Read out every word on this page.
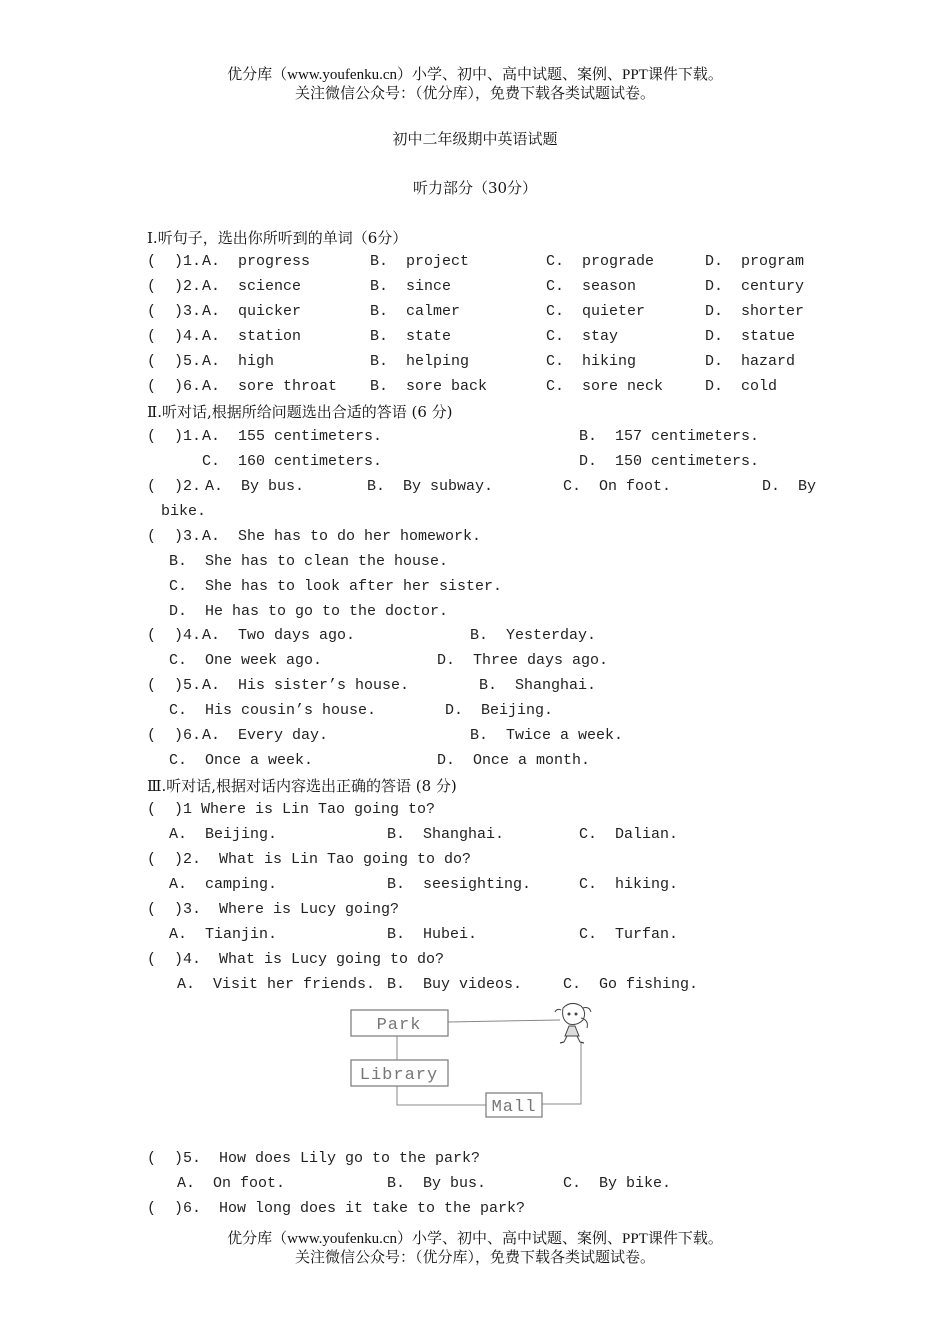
优分库（www.youfenku.cn）小学、初中、高中试题、案例、PPT课件下载。
关注微信公众号：（优分库），免费下载各类试题试卷。
初中二年级期中英语试题
听力部分（30分）
Ⅰ.听句子，选出你所听到的单词（6分）
(  )1. A.  progress	B.  project	C.  prograde	D.  program
(  )2. A.  science	B.  since	C.  season	D.  century
(  )3. A.  quicker	B.  calmer	C.  quieter	D.  shorter
(  )4. A.  station	B.  state	C.  stay	D.  statue
(  )5. A.  high	B.  helping	C.  hiking	D.  hazard
(  )6. A.  sore throat B.  sore back	C.  sore neck	D.  cold
Ⅱ.听对话,根据所给问题选出合适的答语 (6 分)
(  )1. A.  155 centimeters.	B.  157 centimeters.
C.  160 centimeters.	D.  150 centimeters.
(  )2. A.  By bus.	B.  By subway.	C.  On foot.	D.  By
bike.
(  )3. A.  She has to do her homework.
B.  She has to clean the house.
C.  She has to look after her sister.
D.  He has to go to the doctor.
(  )4. A.  Two days ago.	B.  Yesterday.
C.  One week ago.	D.  Three days ago.
(  )5. A.  His sister’s house.	B.  Shanghai.
C.  His cousin’s house.	D.  Beijing.
(  )6. A.  Every day.	B.  Twice a week.
C.  Once a week.	D.  Once a month.
Ⅲ.听对话,根据对话内容选出正确的答语 (8 分)
(  )1 Where is Lin Tao going to?
A.  Beijing.	B.  Shanghai.	C.  Dalian.
(  )2.  What is Lin Tao going to do?
A.  camping.	B.  seesighting.	C.  hiking.
(  )3.  Where is Lucy going?
A.  Tianjin.	B.  Hubei.	C.  Turfan.
(  )4.  What is Lucy going to do?
A.  Visit her friends. B.  Buy videos.	C.  Go fishing.
Park
Library
Mall
(  )5.  How does Lily go to the park?
A.  On foot.	B.  By bus.	C.  By bike.
(  )6.  How long does it take to the park?
优分库（www.youfenku.cn）小学、初中、高中试题、案例、PPT课件下载。
关注微信公众号：（优分库），免费下载各类试题试卷。
